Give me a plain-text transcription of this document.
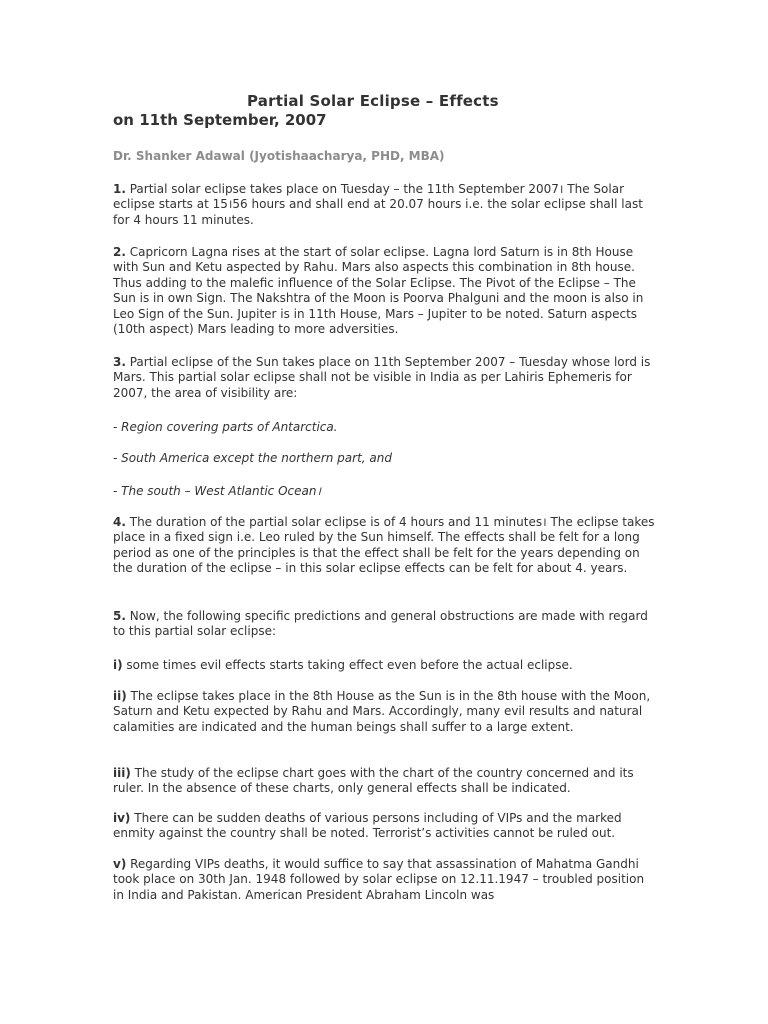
Partial Solar Eclipse – Effects
on 11th September, 2007
Dr. Shanker Adawal (Jyotishaacharya, PHD, MBA)
1. Partial solar eclipse takes place on Tuesday – the 11th September 2007। The Solar eclipse starts at 15।56 hours and shall end at 20.07 hours i.e. the solar eclipse shall last for 4 hours 11 minutes.
2. Capricorn Lagna rises at the start of solar eclipse. Lagna lord Saturn is in 8th House with Sun and Ketu aspected by Rahu. Mars also aspects this combination in 8th house. Thus adding to the malefic influence of the Solar Eclipse. The Pivot of the Eclipse – The Sun is in own Sign. The Nakshtra of the Moon is Poorva Phalguni and the moon is also in Leo Sign of the Sun. Jupiter is in 11th House, Mars – Jupiter to be noted. Saturn aspects (10th aspect) Mars leading to more adversities.
3. Partial eclipse of the Sun takes place on 11th September 2007 – Tuesday whose lord is Mars. This partial solar eclipse shall not be visible in India as per Lahiris Ephemeris for 2007, the area of visibility are:
- Region covering parts of Antarctica.
- South America except the northern part, and
- The south – West Atlantic Ocean।
4. The duration of the partial solar eclipse is of 4 hours and 11 minutes। The eclipse takes place in a fixed sign i.e. Leo ruled by the Sun himself. The effects shall be felt for a long period as one of the principles is that the effect shall be felt for the years depending on the duration of the eclipse – in this solar eclipse effects can be felt for about 4. years.
5. Now, the following specific predictions and general obstructions are made with regard to this partial solar eclipse:
i) some times evil effects starts taking effect even before the actual eclipse.
ii) The eclipse takes place in the 8th House as the Sun is in the 8th house with the Moon, Saturn and Ketu expected by Rahu and Mars. Accordingly, many evil results and natural calamities are indicated and the human beings shall suffer to a large extent.
iii) The study of the eclipse chart goes with the chart of the country concerned and its ruler. In the absence of these charts, only general effects shall be indicated.
iv) There can be sudden deaths of various persons including of VIPs and the marked enmity against the country shall be noted. Terrorist’s activities cannot be ruled out.
v) Regarding VIPs deaths, it would suffice to say that assassination of Mahatma Gandhi took place on 30th Jan. 1948 followed by solar eclipse on 12.11.1947 – troubled position in India and Pakistan. American President Abraham Lincoln was
